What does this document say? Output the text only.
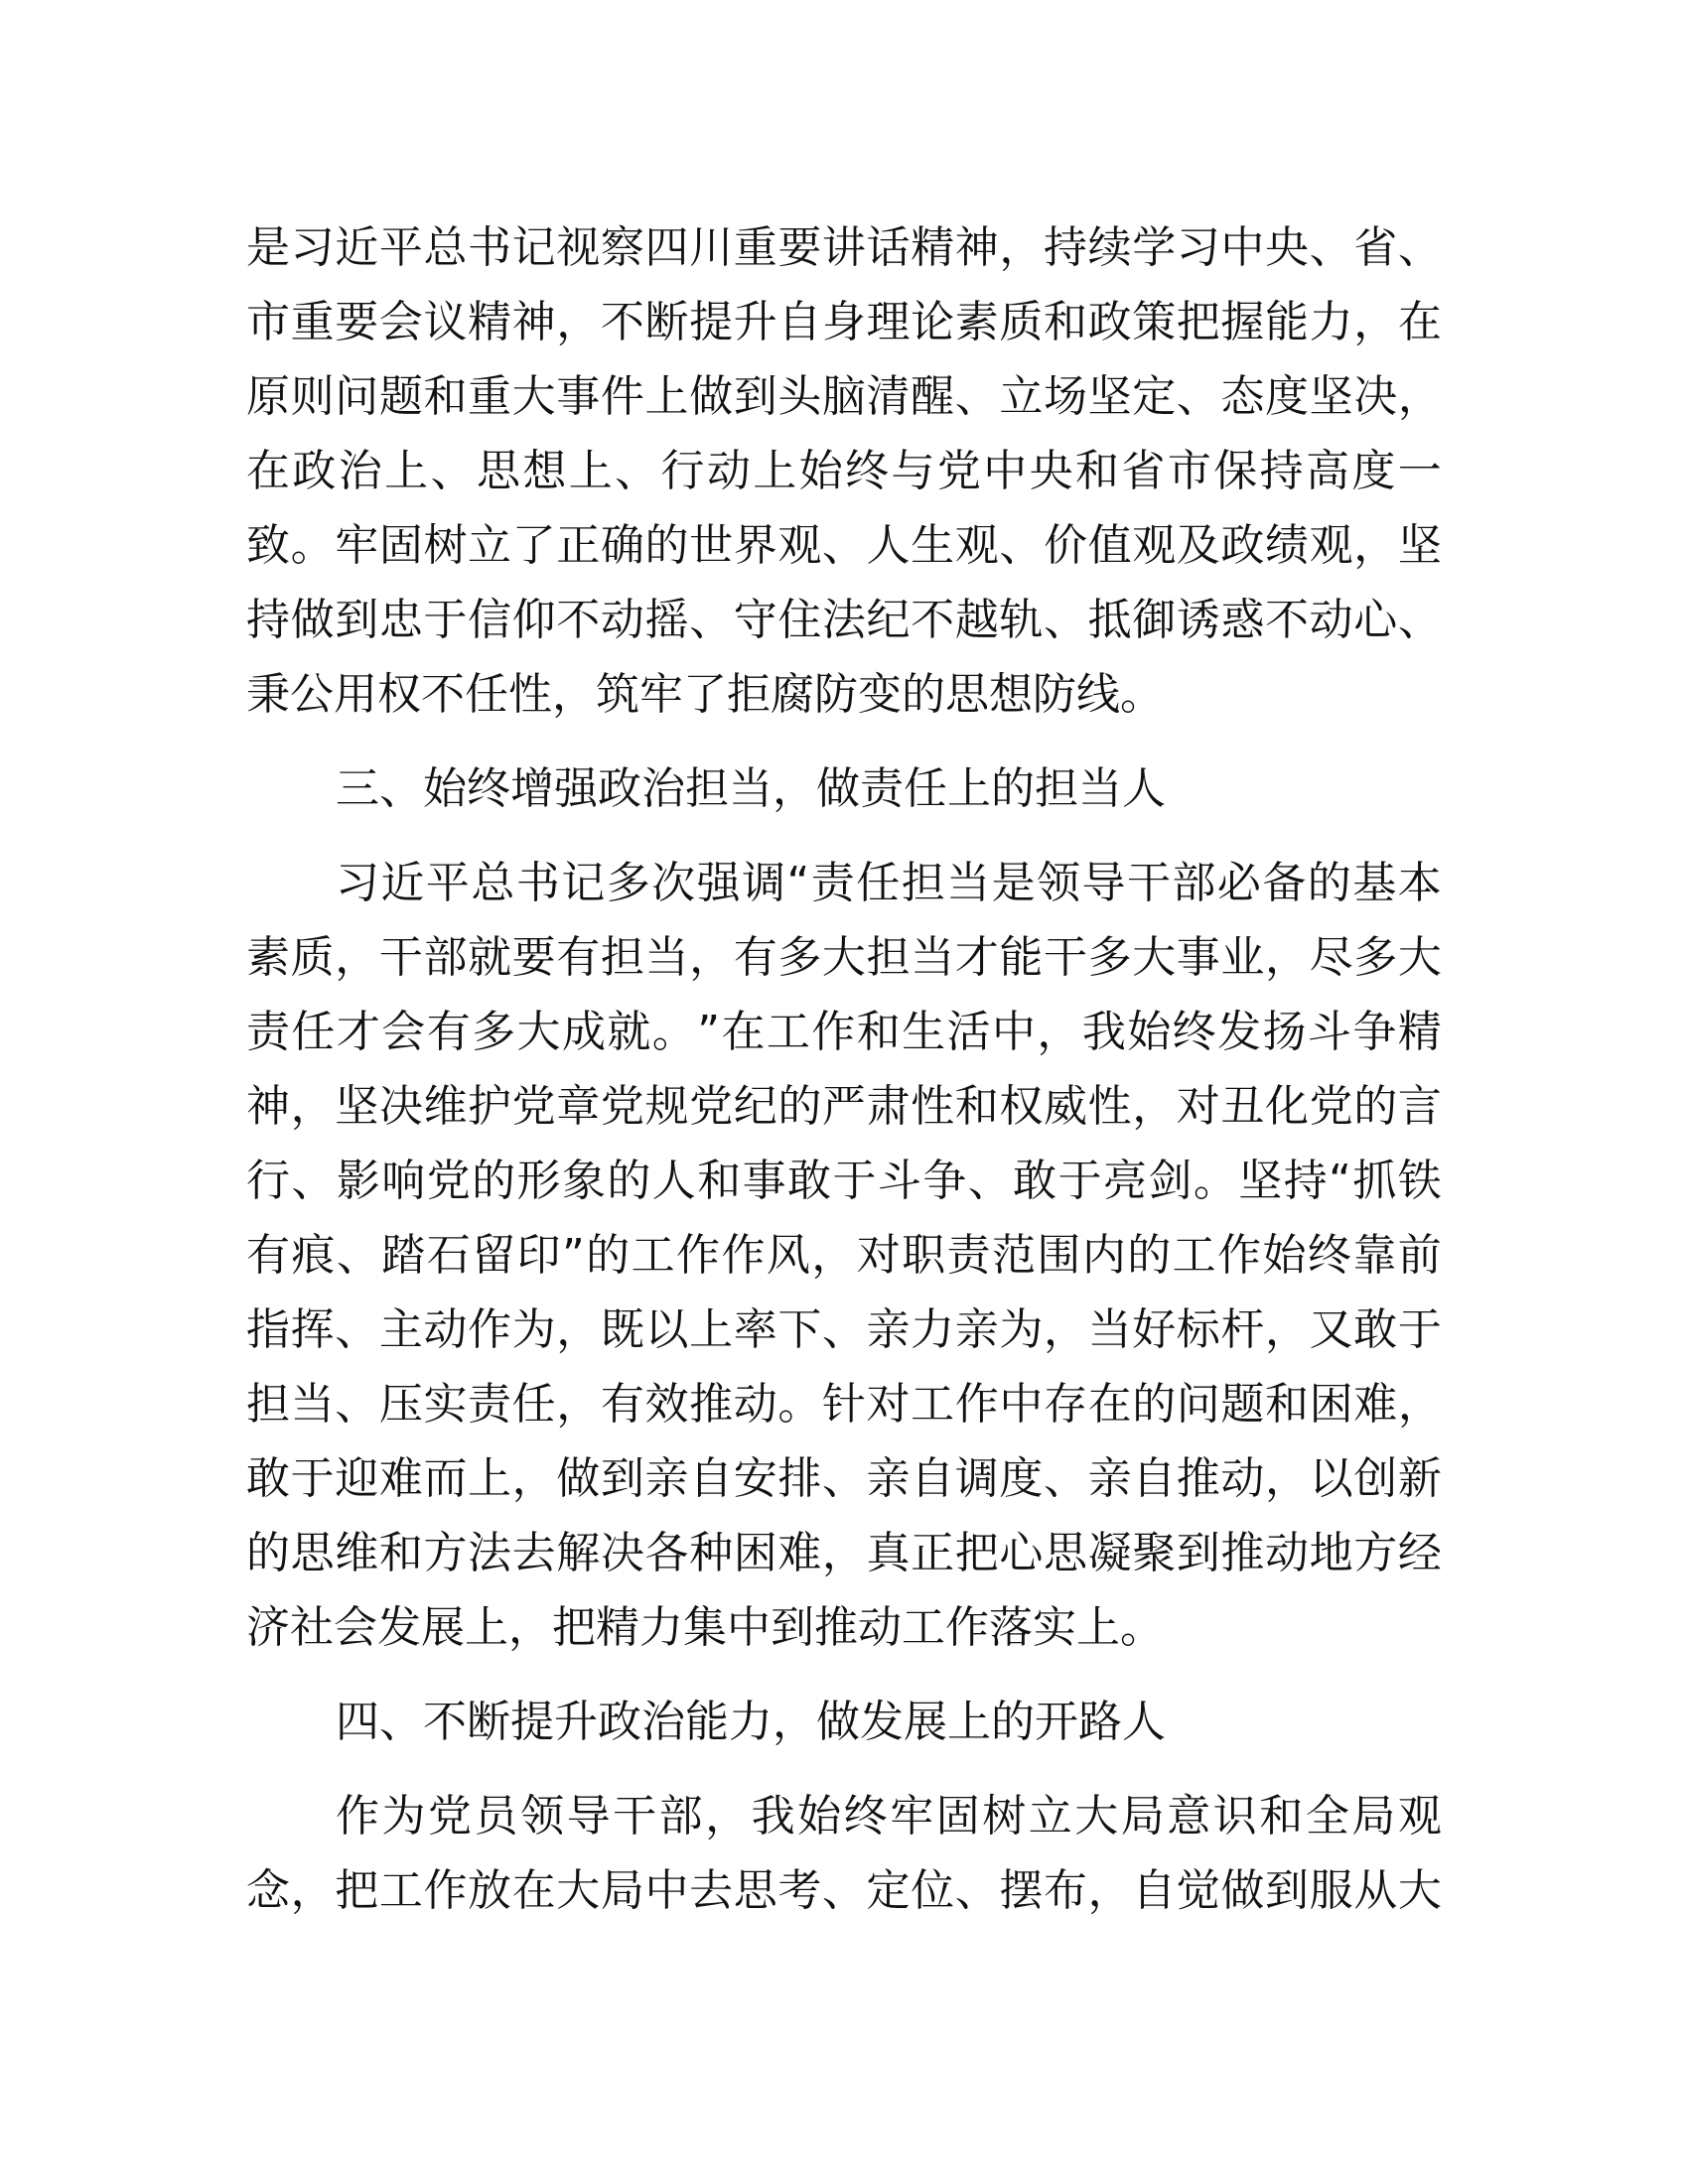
是 习 近 平 总 书 记 视 察 四 川 重 要 讲 话 精 神 ， 持 续 学 习 中 央 、 省 、
市 重 要 会 议 精 神 ， 不 断 提 升 自 身 理 论 素 质 和 政 策 把 握 能 力 ， 在
原 则 问 题 和 重 大 事 件 上 做 到 头 脑 清 醒 、 立 场 坚 定 、 态 度 坚 决 ，
在 政 治 上 、 思 想 上 、 行 动 上 始 终 与 党 中 央 和 省 市 保 持 高 度 一
致 。 牢 固 树 立 了 正 确 的 世 界 观 、 人 生 观 、 价 值 观 及 政 绩 观 ， 坚
持 做 到 忠 于 信 仰 不 动 摇 、 守 住 法 纪 不 越 轨 、 抵 御 诱 惑 不 动 心 、
秉公用权不任性，筑牢了拒腐防变的思想防线。
三、始终增强政治担当，做责任上的担当人
习 近 平 总 书 记 多 次 强 调 “ 责 任 担 当 是 领 导 干 部 必 备 的 基 本
素 质 ， 干 部 就 要 有 担 当 ， 有 多 大 担 当 才 能 干 多 大 事 业 ， 尽 多 大
责 任 才 会 有 多 大 成 就 。 ” 在 工 作 和 生 活 中 ， 我 始 终 发 扬 斗 争 精
神 ， 坚 决 维 护 党 章 党 规 党 纪 的 严 肃 性 和 权 威 性 ， 对 丑 化 党 的 言
行 、 影 响 党 的 形 象 的 人 和 事 敢 于 斗 争 、 敢 于 亮 剑 。 坚 持 “ 抓 铁
有 痕 、 踏 石 留 印 ” 的 工 作 作 风 ， 对 职 责 范 围 内 的 工 作 始 终 靠 前
指 挥 、 主 动 作 为 ， 既 以 上 率 下 、 亲 力 亲 为 ， 当 好 标 杆 ， 又 敢 于
担 当 、 压 实 责 任 ， 有 效 推 动 。 针 对 工 作 中 存 在 的 问 题 和 困 难 ，
敢 于 迎 难 而 上 ， 做 到 亲 自 安 排 、 亲 自 调 度 、 亲 自 推 动 ， 以 创 新
的 思 维 和 方 法 去 解 决 各 种 困 难 ， 真 正 把 心 思 凝 聚 到 推 动 地 方 经
济社会发展上，把精力集中到推动工作落实上。
四、不断提升政治能力，做发展上的开路人
作 为 党 员 领 导 干 部 ， 我 始 终 牢 固 树 立 大 局 意 识 和 全 局 观
念 ， 把 工 作 放 在 大 局 中 去 思 考 、 定 位 、 摆 布 ， 自 觉 做 到 服 从 大
